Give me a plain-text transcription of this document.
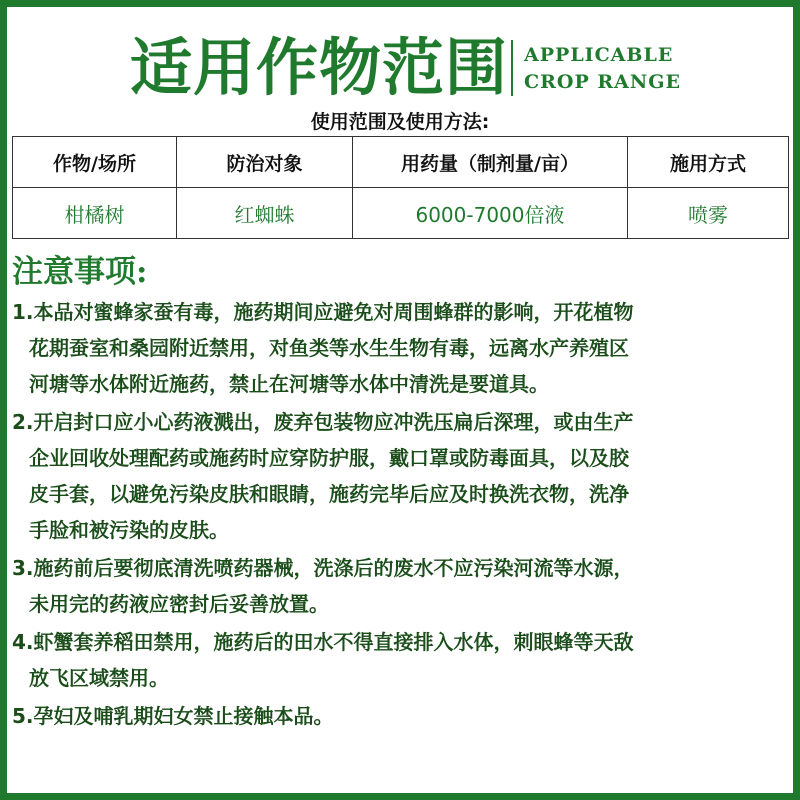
适用作物范围 APPLICABLE
CROP RANGE
使用范围及使用方法:
作物/场所	防治对象	用药量（制剂量/亩）	施用方式
柑橘树	红蜘蛛	6000-7000倍液	喷雾
注意事项:
1.本品对蜜蜂家蚕有毒，施药期间应避免对周围蜂群的影响，开花植物
花期蚕室和桑园附近禁用，对鱼类等水生生物有毒，远离水产养殖区
河塘等水体附近施药，禁止在河塘等水体中清洗是要道具。
2.开启封口应小心药液溅出，废弃包装物应冲洗压扁后深理，或由生产
企业回收处理配药或施药时应穿防护服，戴口罩或防毒面具，以及胶
皮手套，以避免污染皮肤和眼睛，施药完毕后应及时换洗衣物，洗净
手脸和被污染的皮肤。
3.施药前后要彻底清洗喷药器械，洗涤后的废水不应污染河流等水源，
未用完的药液应密封后妥善放置。
4.虾蟹套养稻田禁用，施药后的田水不得直接排入水体，刺眼蜂等天敌
放飞区域禁用。
5.孕妇及哺乳期妇女禁止接触本品。
